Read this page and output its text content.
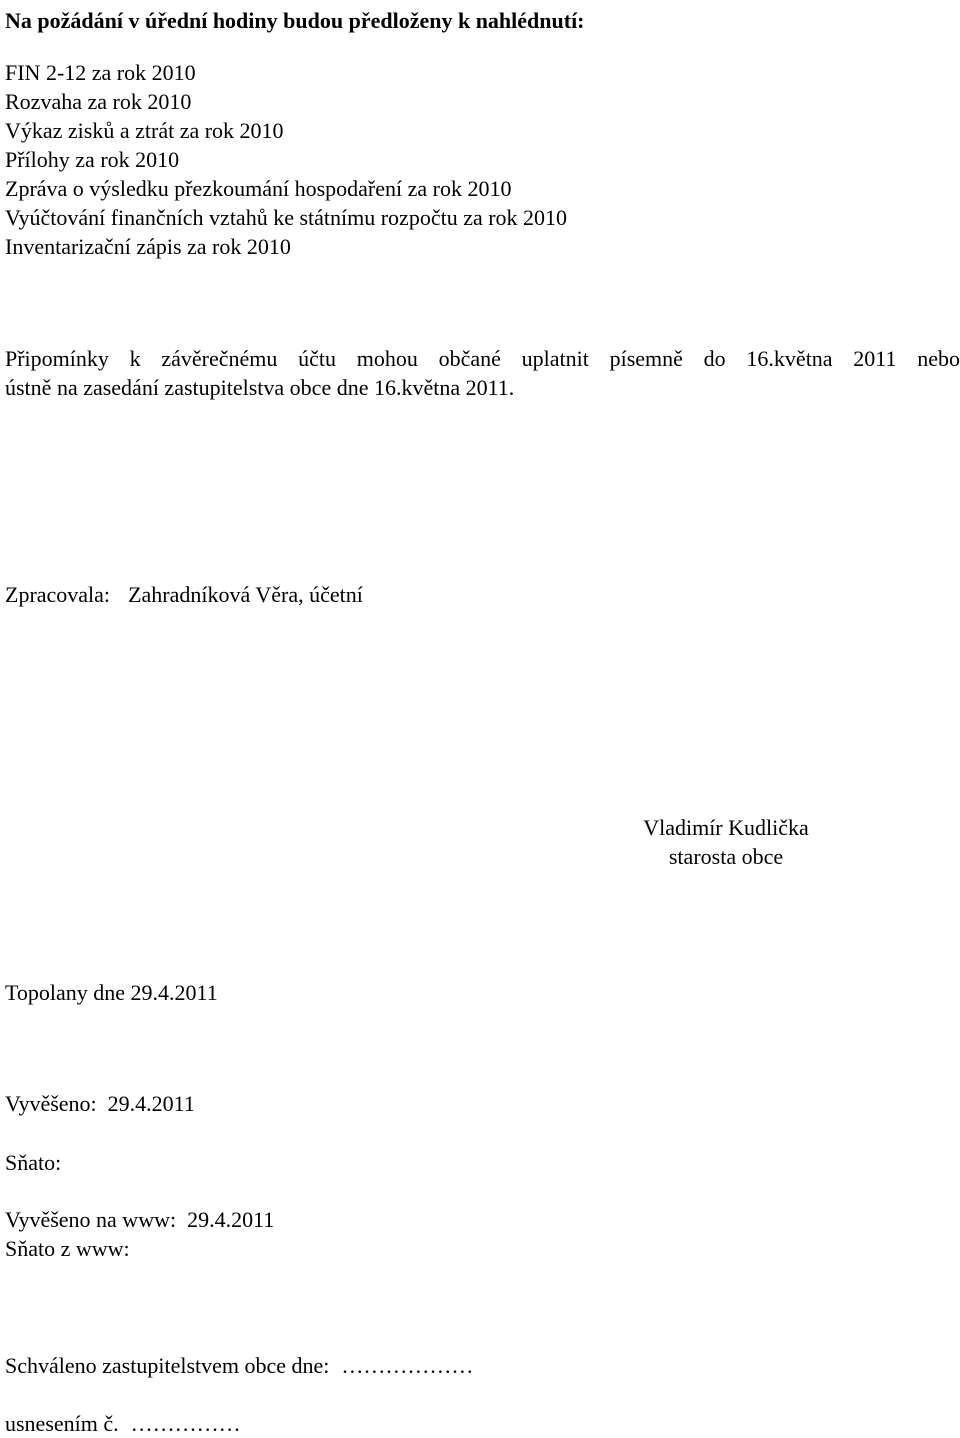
Na požádání v úřední hodiny budou předloženy k nahlédnutí:

FIN 2-12 za rok 2010
Rozvaha za rok 2010
Výkaz zisků a ztrát za rok 2010
Přílohy za rok 2010
Zpráva o výsledku přezkoumání hospodaření za rok 2010
Vyúčtování finančních vztahů ke státnímu rozpočtu za rok 2010
Inventarizační zápis za rok 2010

Připomínky k závěrečnému účtu mohou občané uplatnit písemně do 16.května 2011 nebo
ústně na zasedání zastupitelstva obce dne 16.května 2011.

Zpracovala: Zahradníková Věra, účetní

Vladimír Kudlička
starosta obce

Topolany dne 29.4.2011

Vyvěšeno: 29.4.2011

Sňato:

Vyvěšeno na www: 29.4.2011

Sňato z www:

Schváleno zastupitelstvem obce dne: ………………

usnesením č. ……………
